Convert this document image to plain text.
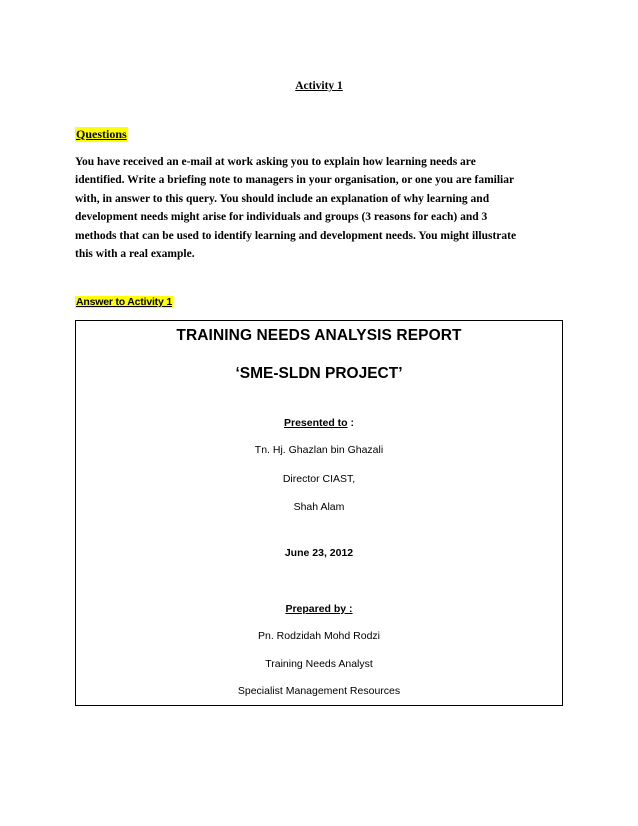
Activity 1
Questions
You have received an e-mail at work asking you to explain how learning needs are
identified. Write a briefing note to managers in your organisation, or one you are familiar
with, in answer to this query. You should include an explanation of why learning and
development needs might arise for individuals and groups (3 reasons for each) and 3
methods that can be used to identify learning and development needs. You might illustrate
this with a real example.
Answer to Activity 1
TRAINING NEEDS ANALYSIS REPORT
‘SME-SLDN PROJECT’
Presented to :
Tn. Hj. Ghazlan bin Ghazali
Director CIAST,
Shah Alam
June 23, 2012
Prepared by :
Pn. Rodzidah Mohd Rodzi
Training Needs Analyst
Specialist Management Resources
